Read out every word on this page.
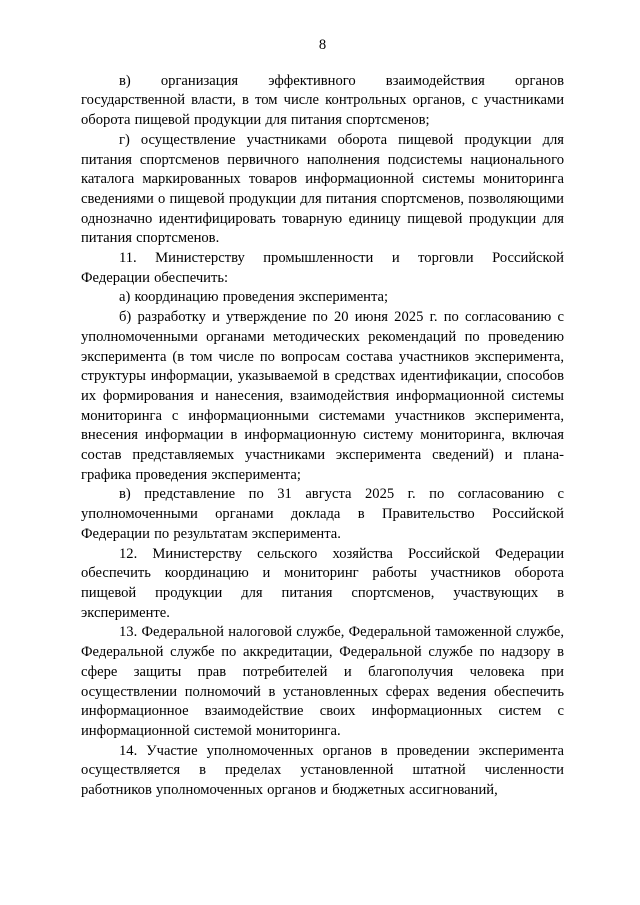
8

в) организация эффективного взаимодействия органов государственной власти, в том числе контрольных органов, с участниками оборота пищевой продукции для питания спортсменов;

г) осуществление участниками оборота пищевой продукции для питания спортсменов первичного наполнения подсистемы национального каталога маркированных товаров информационной системы мониторинга сведениями о пищевой продукции для питания спортсменов, позволяющими однозначно идентифицировать товарную единицу пищевой продукции для питания спортсменов.

11. Министерству промышленности и торговли Российской Федерации обеспечить:

а) координацию проведения эксперимента;

б) разработку и утверждение по 20 июня 2025 г. по согласованию с уполномоченными органами методических рекомендаций по проведению эксперимента (в том числе по вопросам состава участников эксперимента, структуры информации, указываемой в средствах идентификации, способов их формирования и нанесения, взаимодействия информационной системы мониторинга с информационными системами участников эксперимента, внесения информации в информационную систему мониторинга, включая состав представляемых участниками эксперимента сведений) и плана-графика проведения эксперимента;

в) представление по 31 августа 2025 г. по согласованию с уполномоченными органами доклада в Правительство Российской Федерации по результатам эксперимента.

12. Министерству сельского хозяйства Российской Федерации обеспечить координацию и мониторинг работы участников оборота пищевой продукции для питания спортсменов, участвующих в эксперименте.

13. Федеральной налоговой службе, Федеральной таможенной службе, Федеральной службе по аккредитации, Федеральной службе по надзору в сфере защиты прав потребителей и благополучия человека при осуществлении полномочий в установленных сферах ведения обеспечить информационное взаимодействие своих информационных систем с информационной системой мониторинга.

14. Участие уполномоченных органов в проведении эксперимента осуществляется в пределах установленной штатной численности работников уполномоченных органов и бюджетных ассигнований,
